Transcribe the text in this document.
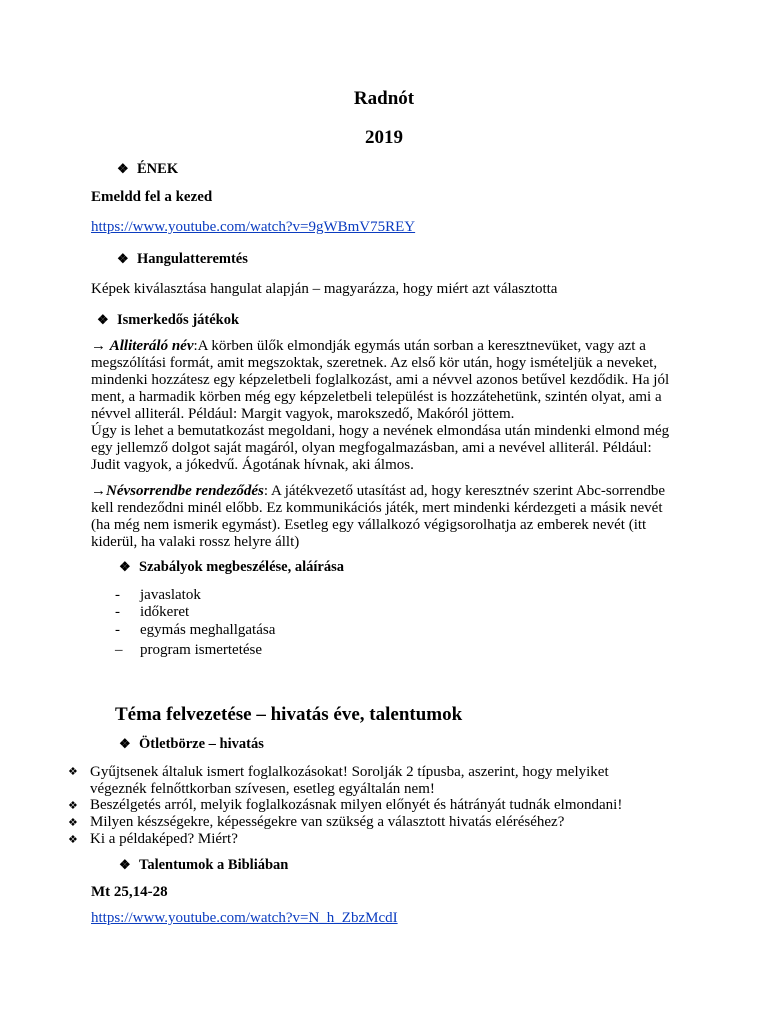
Radnót
2019
❖ ÉNEK
Emeldd fel a kezed
https://www.youtube.com/watch?v=9gWBmV75REY
❖ Hangulatteremtés
Képek kiválasztása hangulat alapján – magyarázza, hogy miért azt választotta
❖ Ismerkedős játékok

→ Alliteráló név:A körben ülők elmondják egymás után sorban a keresztnevüket, vagy azt a megszólítási formát, amit megszoktak, szeretnek. Az első kör után, hogy ismételjük a neveket, mindenki hozzátesz egy képzeletbeli foglalkozást, ami a névvel azonos betűvel kezdődik. Ha jól ment, a harmadik körben még egy képzeletbeli települést is hozzátehetünk, szintén olyat, ami a névvel alliterál. Például: Margit vagyok, marokszedő, Makóról jöttem.

Úgy is lehet a bemutatkozást megoldani, hogy a nevének elmondása után mindenki elmond még egy jellemző dolgot saját magáról, olyan megfogalmazásban, ami a nevével alliterál. Például: Judit vagyok, a jókedvű. Ágotának hívnak, aki álmos.

→Névsorrendbe rendeződés: A játékvezető utasítást ad, hogy keresztnév szerint Abc-sorrendbe kell rendeződni minél előbb. Ez kommunikációs játék, mert mindenki kérdezgeti a másik nevét (ha még nem ismerik egymást). Esetleg egy vállalkozó végigsorolhatja az emberek nevét (itt kiderül, ha valaki rossz helyre állt)

❖ Szabályok megbeszélése, aláírása
- javaslatok
- időkeret
- egymás meghallgatása
– program ismertetése
Téma felvezetése – hivatás éve, talentumok
❖ Ötletbörze – hivatás
❖ Gyűjtsenek általuk ismert foglalkozásokat! Sorolják 2 típusba, aszerint, hogy melyiket végeznék felnőttkorban szívesen, esetleg egyáltalán nem!
❖ Beszélgetés arról, melyik foglalkozásnak milyen előnyét és hátrányát tudnák elmondani!
❖ Milyen készségekre, képességekre van szükség a választott hivatás eléréséhez?
❖ Ki a példaképed? Miért?
❖ Talentumok a Bibliában
Mt 25,14-28
https://www.youtube.com/watch?v=N_h_ZbzMcdI
